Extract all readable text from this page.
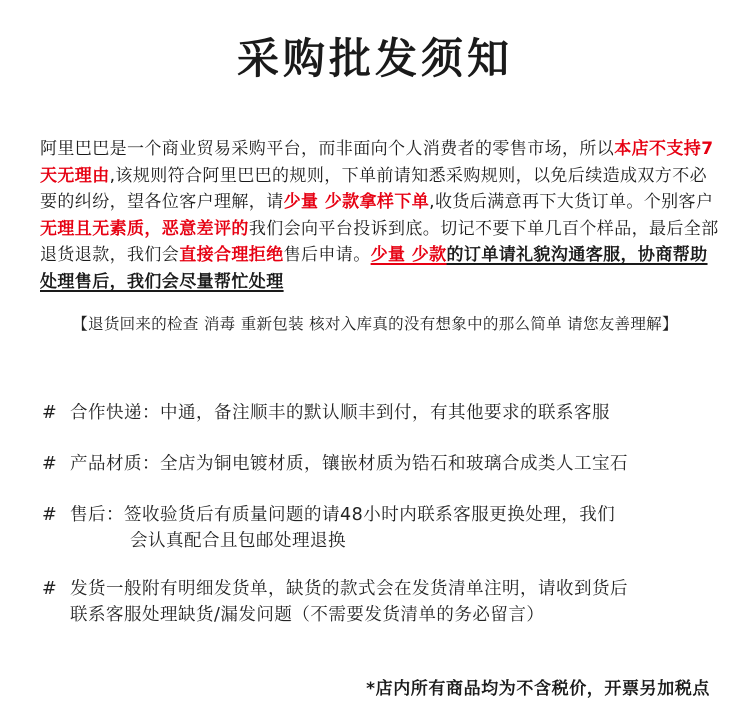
采购批发须知
阿里巴巴是一个商业贸易采购平台，而非面向个人消费者的零售市场，所以本店不支持7天无理由,该规则符合阿里巴巴的规则，下单前请知悉采购规则，以免后续造成双方不必要的纠纷，望各位客户理解，请少量 少款拿样下单,收货后满意再下大货订单。个别客户无理且无素质，恶意差评的我们会向平台投诉到底。切记不要下单几百个样品，最后全部退货退款，我们会直接合理拒绝售后申请。少量 少款的订单请礼貌沟通客服，协商帮助处理售后，我们会尽量帮忙处理
【退货回来的检查 消毒 重新包装 核对入库真的没有想象中的那么简单 请您友善理解】
# 合作快递：中通，备注顺丰的默认顺丰到付，有其他要求的联系客服
# 产品材质：全店为铜电镀材质，镶嵌材质为锆石和玻璃合成类人工宝石
# 售后：签收验货后有质量问题的请48小时内联系客服更换处理，我们
会认真配合且包邮处理退换
# 发货一般附有明细发货单，缺货的款式会在发货清单注明，请收到货后
联系客服处理缺货/漏发问题（不需要发货清单的务必留言）
*店内所有商品均为不含税价，开票另加税点
